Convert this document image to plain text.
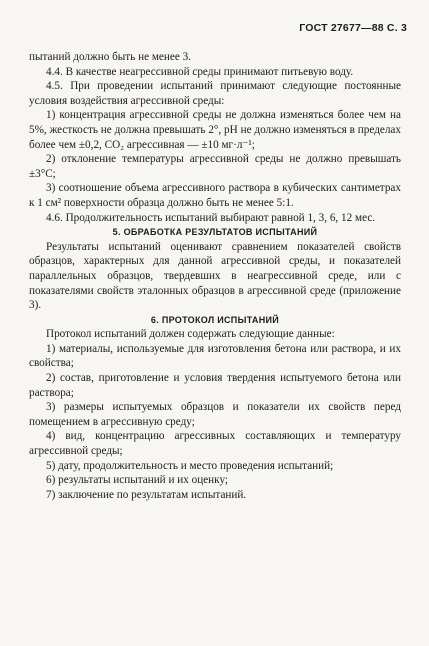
ГОСТ 27677—88 С. 3

пытаний должно быть не менее 3.

4.4. В качестве неагрессивной среды принимают питьевую воду.

4.5. При проведении испытаний принимают следующие постоянные условия воздействия агрессивной среды:

1) концентрация агрессивной среды не должна изменяться более чем на 5%, жесткость не должна превышать 2°, pH не должно изменяться в пределах более чем ±0,2, CO₂ агрессивная — ±10 мг·л⁻¹;

2) отклонение температуры агрессивной среды не должно превышать ±3°С;

3) соотношение объема агрессивного раствора в кубических сантиметрах к 1 см² поверхности образца должно быть не менее 5:1.

4.6. Продолжительность испытаний выбирают равной 1, 3, 6, 12 мес.

5. ОБРАБОТКА РЕЗУЛЬТАТОВ ИСПЫТАНИЙ

Результаты испытаний оценивают сравнением показателей свойств образцов, характерных для данной агрессивной среды, и показателей параллельных образцов, твердевших в неагрессивной среде, или с показателями свойств эталонных образцов в агрессивной среде (приложение 3).

6. ПРОТОКОЛ ИСПЫТАНИЙ

Протокол испытаний должен содержать следующие данные:

1) материалы, используемые для изготовления бетона или раствора, и их свойства;

2) состав, приготовление и условия твердения испытуемого бетона или раствора;

3) размеры испытуемых образцов и показатели их свойств перед помещением в агрессивную среду;

4) вид, концентрацию агрессивных составляющих и температуру агрессивной среды;

5) дату, продолжительность и место проведения испытаний;

6) результаты испытаний и их оценку;

7) заключение по результатам испытаний.
